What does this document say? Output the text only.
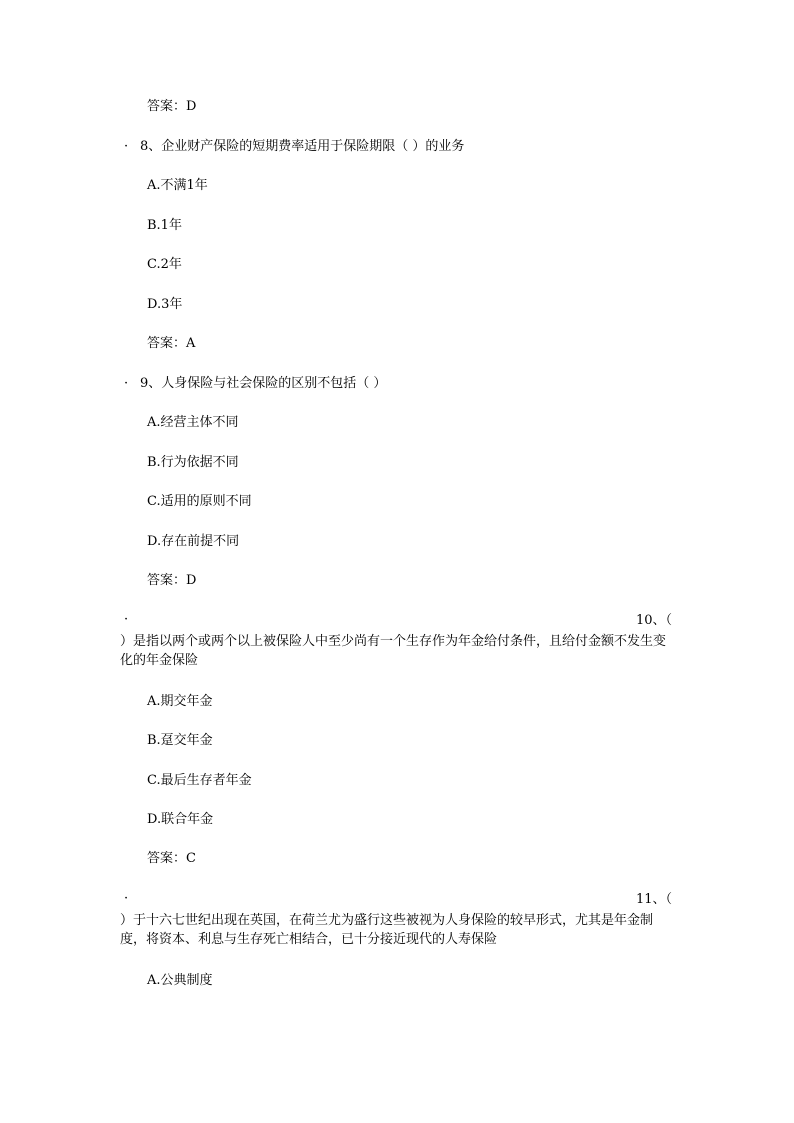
答案：D
· 8、企业财产保险的短期费率适用于保险期限（ ）的业务
A.不满1年
B.1年
C.2年
D.3年
答案：A
· 9、人身保险与社会保险的区别不包括（ ）
A.经营主体不同
B.行为依据不同
C.适用的原则不同
D.存在前提不同
答案：D
·	10、（
）是指以两个或两个以上被保险人中至少尚有一个生存作为年金给付条件，且给付金额不发生变化的年金保险
A.期交年金
B.趸交年金
C.最后生存者年金
D.联合年金
答案：C
·	11、（
）于十六七世纪出现在英国，在荷兰尤为盛行这些被视为人身保险的较早形式，尤其是年金制度，将资本、利息与生存死亡相结合，已十分接近现代的人寿保险
A.公典制度
